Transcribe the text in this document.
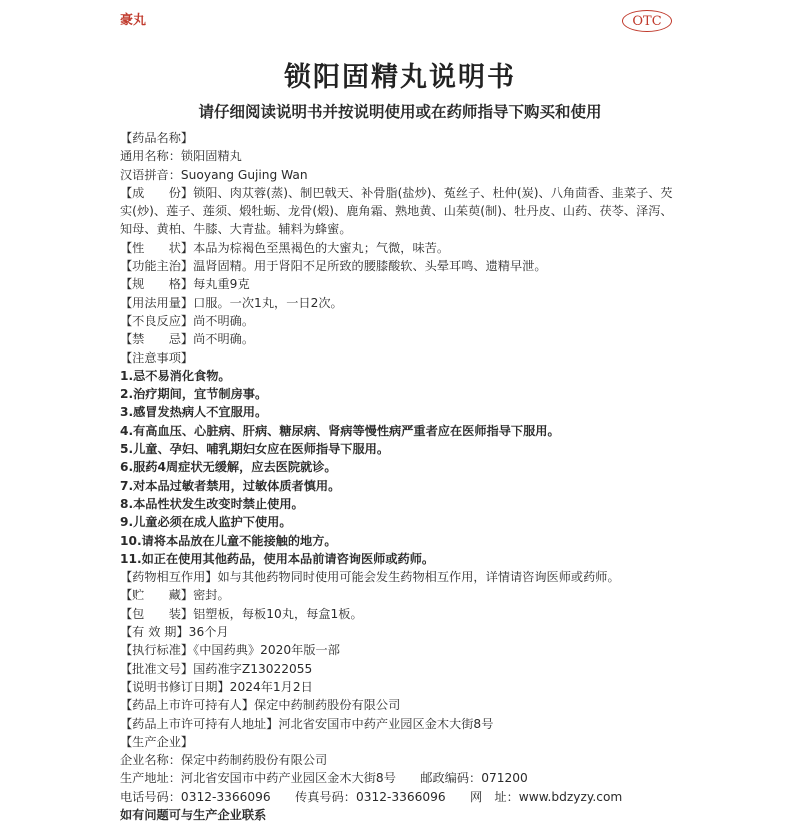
豪丸	OTC
锁阳固精丸说明书
请仔细阅读说明书并按说明使用或在药师指导下购买和使用
【药品名称】
通用名称：锁阳固精丸
汉语拼音：Suoyang Gujing Wan
【成　　份】锁阳、肉苁蓉(蒸)、制巴戟天、补骨脂(盐炒)、菟丝子、杜仲(炭)、八角茴香、韭菜子、芡
实(炒)、莲子、莲须、煅牡蛎、龙骨(煅)、鹿角霜、熟地黄、山茱萸(制)、牡丹皮、山药、茯苓、泽泻、
知母、黄柏、牛膝、大青盐。辅料为蜂蜜。
【性　　状】本品为棕褐色至黑褐色的大蜜丸；气微，味苦。
【功能主治】温肾固精。用于肾阳不足所致的腰膝酸软、头晕耳鸣、遗精早泄。
【规　　格】每丸重9克
【用法用量】口服。一次1丸，一日2次。
【不良反应】尚不明确。
【禁　　忌】尚不明确。
【注意事项】
1.忌不易消化食物。
2.治疗期间，宜节制房事。
3.感冒发热病人不宜服用。
4.有高血压、心脏病、肝病、糖尿病、肾病等慢性病严重者应在医师指导下服用。
5.儿童、孕妇、哺乳期妇女应在医师指导下服用。
6.服药4周症状无缓解，应去医院就诊。
7.对本品过敏者禁用，过敏体质者慎用。
8.本品性状发生改变时禁止使用。
9.儿童必须在成人监护下使用。
10.请将本品放在儿童不能接触的地方。
11.如正在使用其他药品，使用本品前请咨询医师或药师。
【药物相互作用】如与其他药物同时使用可能会发生药物相互作用，详情请咨询医师或药师。
【贮　　藏】密封。
【包　　装】铝塑板，每板10丸，每盒1板。
【有 效 期】36个月
【执行标准】《中国药典》2020年版一部
【批准文号】国药准字Z13022055
【说明书修订日期】2024年1月2日
【药品上市许可持有人】保定中药制药股份有限公司
【药品上市许可持有人地址】河北省安国市中药产业园区金木大街8号
【生产企业】
企业名称：保定中药制药股份有限公司
生产地址：河北省安国市中药产业园区金木大街8号　　邮政编码：071200
电话号码：0312-3366096　　传真号码：0312-3366096　　网　址：www.bdzyzy.com
如有问题可与生产企业联系
